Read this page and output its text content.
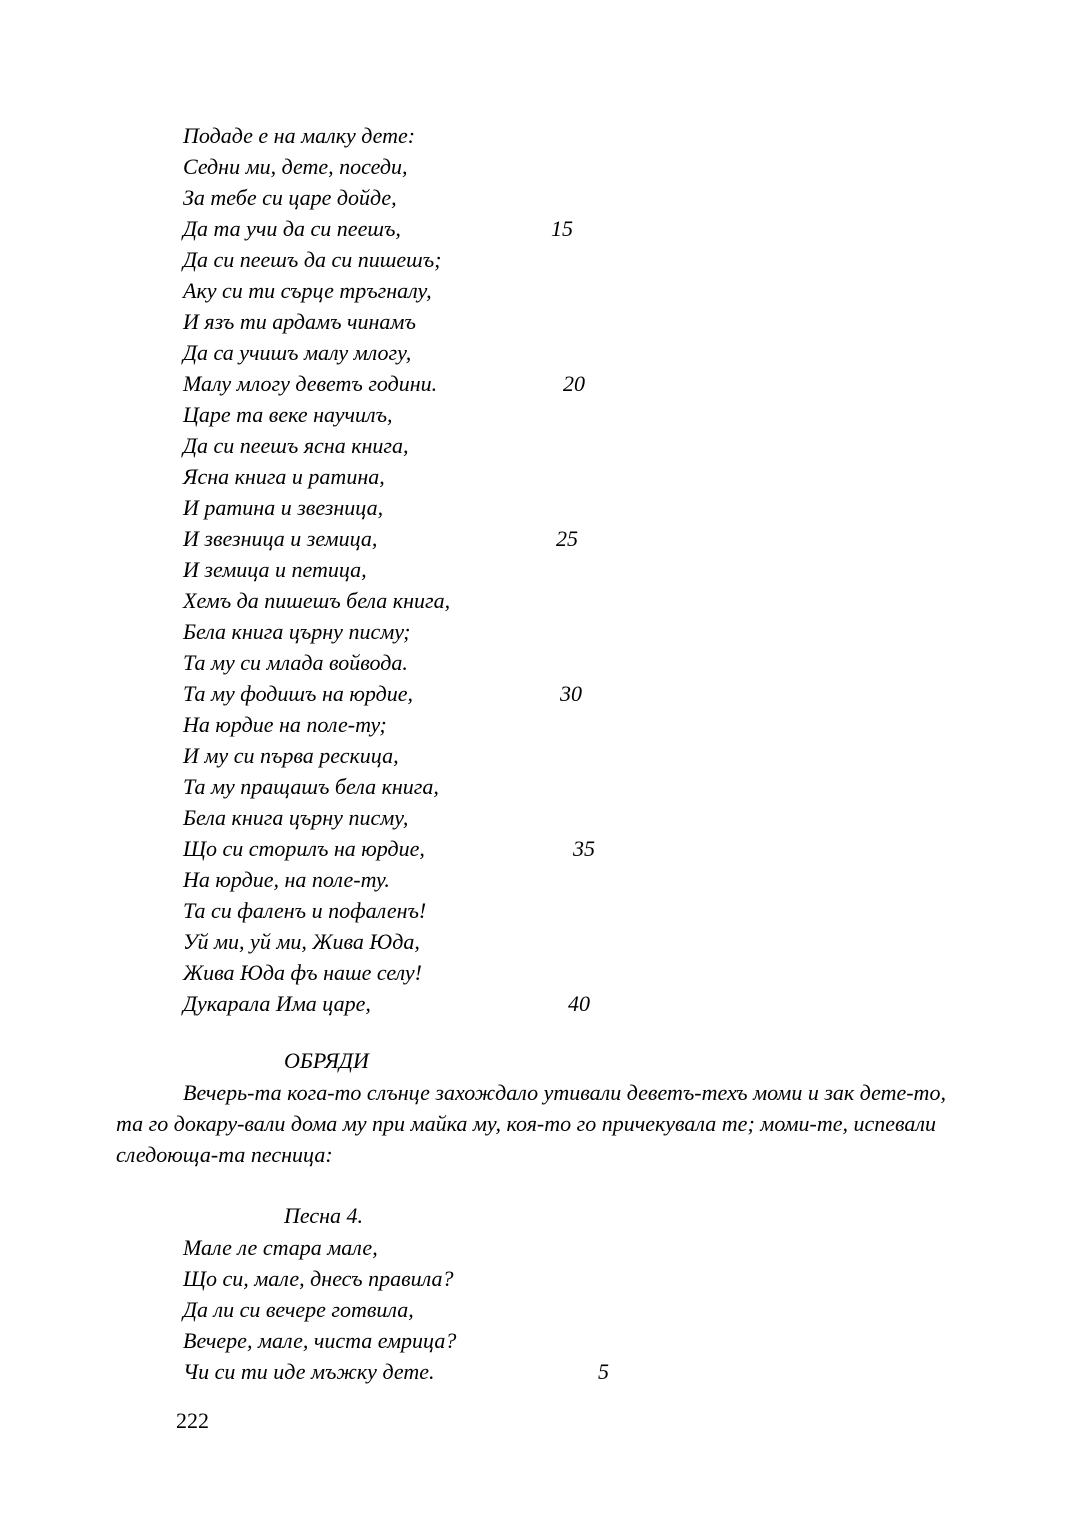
Подаде е на малку дете:
Седни ми, дете, поседи,
За тебе си царе дойде,
Да та учи да си пеешъ,	15
Да си пеешъ да си пишешъ;
Аку си ти сърце тръгналу,
И язъ ти ардамъ чинамъ
Да са учишъ малу млогу,
Малу млогу деветъ години.	20
Царе та веке научилъ,
Да си пеешъ ясна книга,
Ясна книга и ратина,
И ратина и звезница,
И звезница и земица,	25
И земица и петица,
Хемъ да пишешъ бела книга,
Бела книга църну писму;
Та му си млада войвода.
Та му фодишъ на юрдие,	30
На юрдие на поле-ту;
И му си първа рескица,
Та му пращашъ бела книга,
Бела книга църну писму,
Що си сторилъ на юрдие,	35
На юрдие, на поле-ту.
Та си фаленъ и пофаленъ!
Уй ми, уй ми, Жива Юда,
Жива Юда фъ наше селу!
Дукарала Има царе,	40
ОБРЯДИ
Вечерь-та кога-то слънце захождало утивали деветъ-техъ моми и зак дете-то, та го докару-вали дома му при майка му, коя-то го причекувала те; моми-те, испевали следоюща-та песница:
Песна 4.
Мале ле стара мале,
Що си, мале, днесъ правила?
Да ли си вечере готвила,
Вечере, мале, чиста емрица?
Чи си ти иде мъжку дете.	5
222
